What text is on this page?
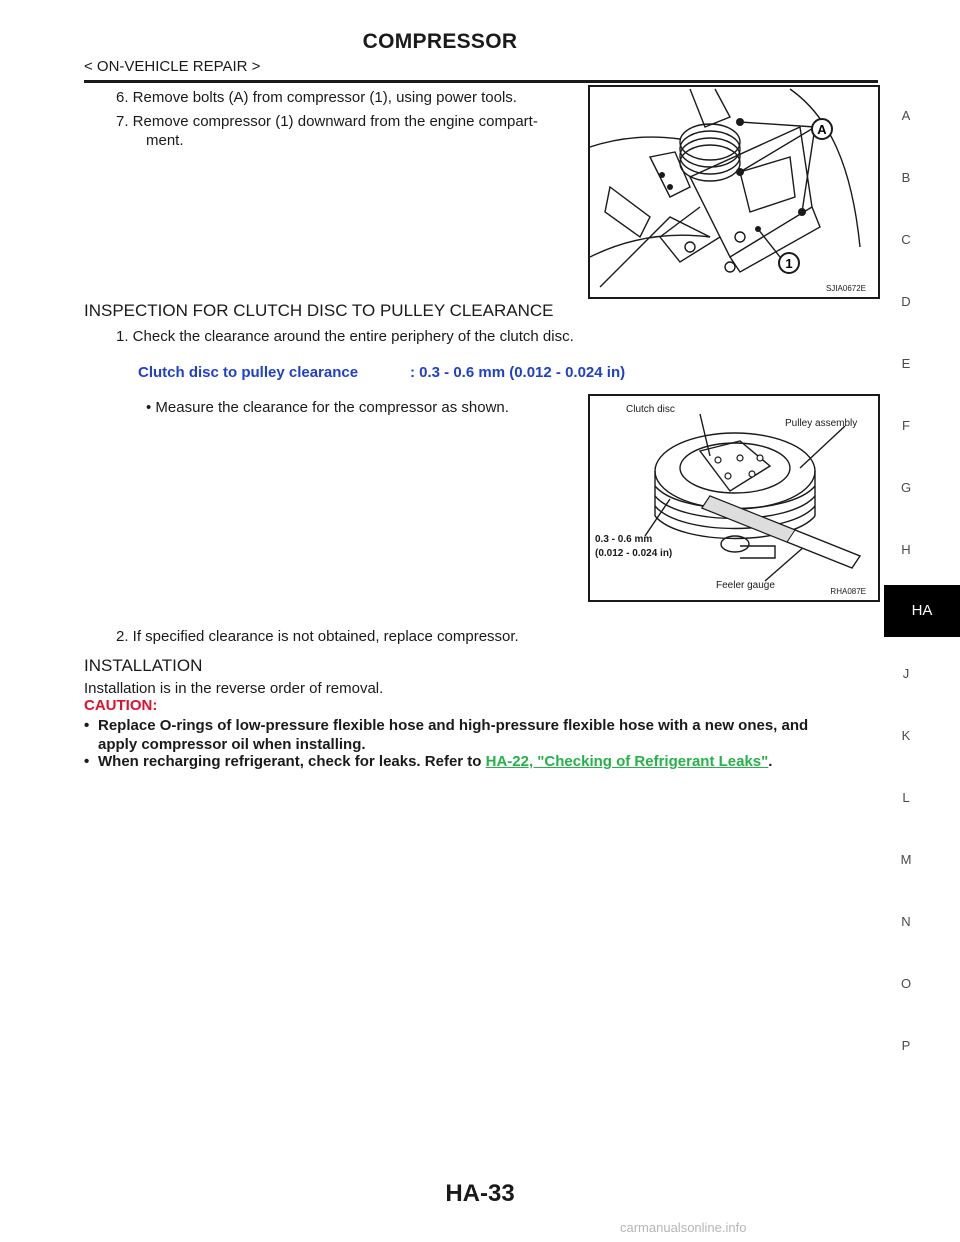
COMPRESSOR
< ON-VEHICLE REPAIR >
6. Remove bolts (A) from compressor (1), using power tools.
7. Remove compressor (1) downward from the engine compart-
ment.
A
1
SJIA0672E
INSPECTION FOR CLUTCH DISC TO PULLEY CLEARANCE
1. Check the clearance around the entire periphery of the clutch disc.
Clutch disc to pulley clearance	: 0.3 - 0.6 mm (0.012 - 0.024 in)
• Measure the clearance for the compressor as shown.	Clutch disc
Pulley assembly
0.3 - 0.6 mm
(0.012 - 0.024 in)
Feeler gauge
RHA087E
2. If specified clearance is not obtained, replace compressor.
INSTALLATION
Installation is in the reverse order of removal.
CAUTION:
• Replace O-rings of low-pressure flexible hose and high-pressure flexible hose with a new ones, and
apply compressor oil when installing.
• When recharging refrigerant, check for leaks. Refer to HA-22, "Checking of Refrigerant Leaks".
A
B
C
D
E
F
G
H
HA
J
K
L
M
N
O
P
HA-33
carmanualsonline.info
